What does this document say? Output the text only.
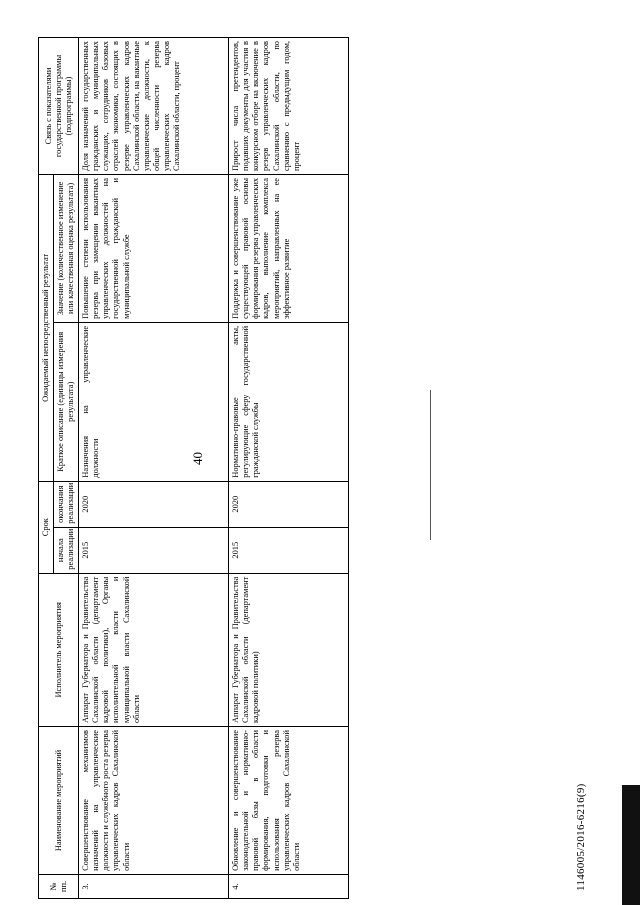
40
№ пп.	Наименование мероприятий	Исполнитель мероприятия	Срок		Ожидаемый непосредственный результат		Связь с показателями государственной программы (подпрограммы)
			начала реализации	окончания реализации	Краткое описание (единицы измерения результата)	Значение (количественное изменение или качественная оценка результата)	
3.	Совершенствование механизмов назначений на управленческие должности и служебного роста резерва управленческих кадров Сахалинской области	Аппарат Губернатора и Правительства Сахалинской области (департамент кадровой политики), Органы исполнительной власти и муниципальной власти Сахалинской области	2015	2020	Назначения на управленческие должности	Повышение степени использования резерва при замещении вакантных управленческих должностей на государственной гражданской и муниципальной службе	Доля назначений государственных гражданских и муниципальных служащих, сотрудников базовых отраслей экономики, состоящих в резерве управленческих кадров Сахалинской области, на вакантные управленческие должности, к общей численности резерва управленческих кадров Сахалинской области, процент
4.	Обновление и совершенствование законодательной и нормативно-правовой базы в области формирования, подготовки и использования резерва управленческих кадров Сахалинской области	Аппарат Губернатора и Правительства Сахалинской области (департамент кадровой политики)	2015	2020	Нормативно-правовые акты, регулирующие сферу государственной гражданской службы	Поддержка и совершенствование уже существующей правовой основы формирования резерва управленческих кадров, выполнение комплекса мероприятий, направленных на ее эффективное развитие	Прирост числа претендентов, подавших документы для участия в конкурсном отборе на включение в резерв управленческих кадров Сахалинской области, по сравнению с предыдущим годом, процент
1146005/2016-6216(9)
